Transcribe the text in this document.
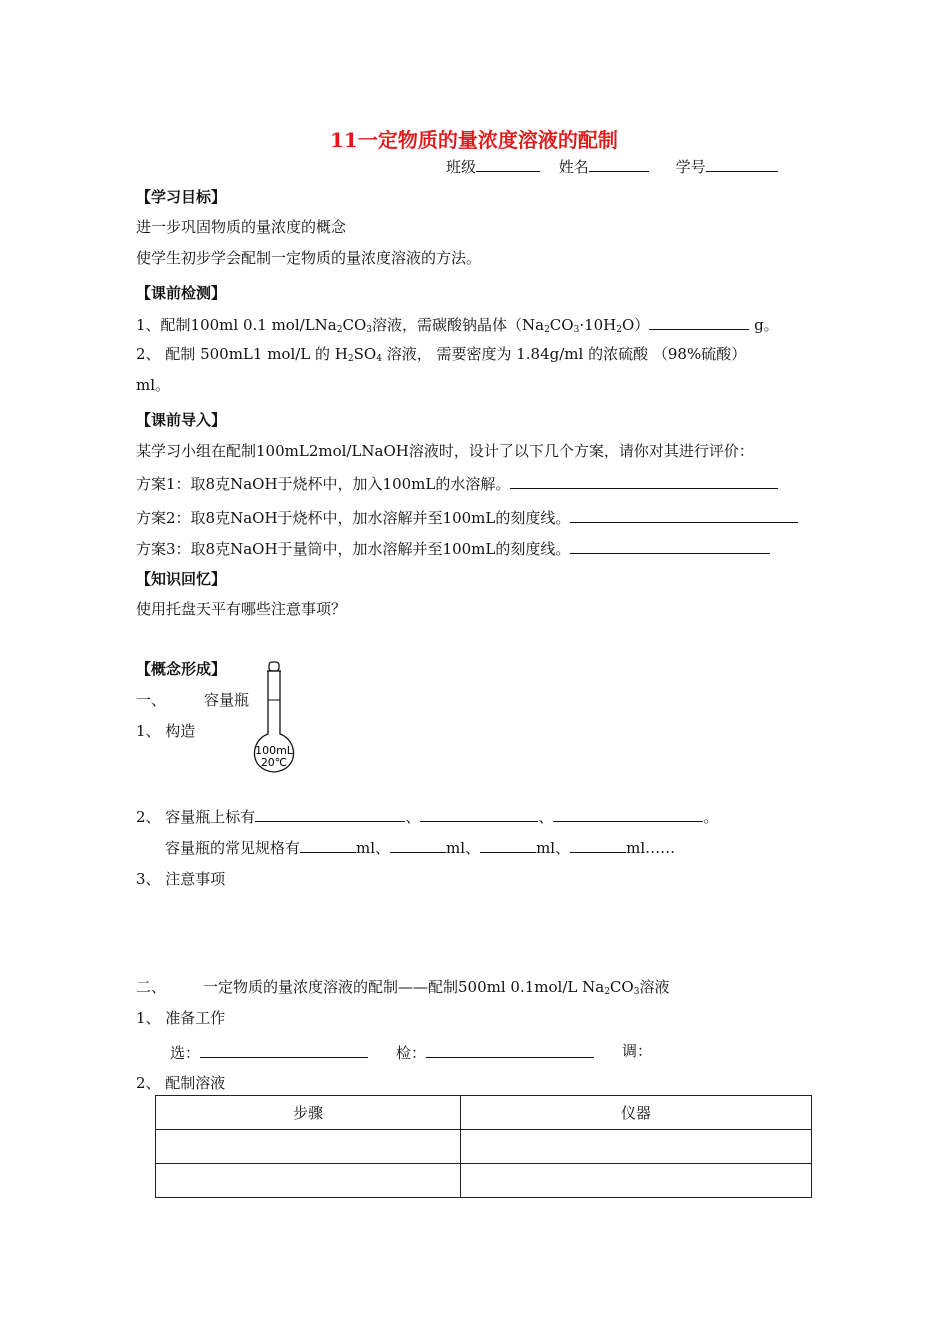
11一定物质的量浓度溶液的配制
班级	姓名	学号
【学习目标】
进一步巩固物质的量浓度的概念
使学生初步学会配制一定物质的量浓度溶液的方法。
【课前检测】
1、配制100ml 0.1 mol/$LNa_2CO_3$溶液，需碳酸钠晶体$(Na_2CO_3\cdot 10H_2O)$	g。
2、 配制 500mL1 mol/L 的 $H_2SO_4$ 溶液， 需要密度为 1.84g/ml 的浓硫酸 （98%硫酸）
ml。
【课前导入】
某学习小组在配制100mL2mol/LNaOH溶液时，设计了以下几个方案，请你对其进行评价：
方案1：取8克NaOH于烧杯中，加入100mL的水溶解。
方案2：取8克NaOH于烧杯中，加水溶解并至100mL的刻度线。
方案3：取8克NaOH于量筒中，加水溶解并至100mL的刻度线。
【知识回忆】
使用托盘天平有哪些注意事项？
【概念形成】
一、	容量瓶
1、 构造
100mL
20℃
2、 容量瓶上标有	、	、	。
容量瓶的常见规格有	ml、	ml、	ml、	ml……
3、 注意事项
二、 一定物质的量浓度溶液的配制——配制500ml 0.1mol/L $Na_2CO_3$溶液
1、 准备工作
选：	检：	调：
2、 配制溶液
步骤	仪器
